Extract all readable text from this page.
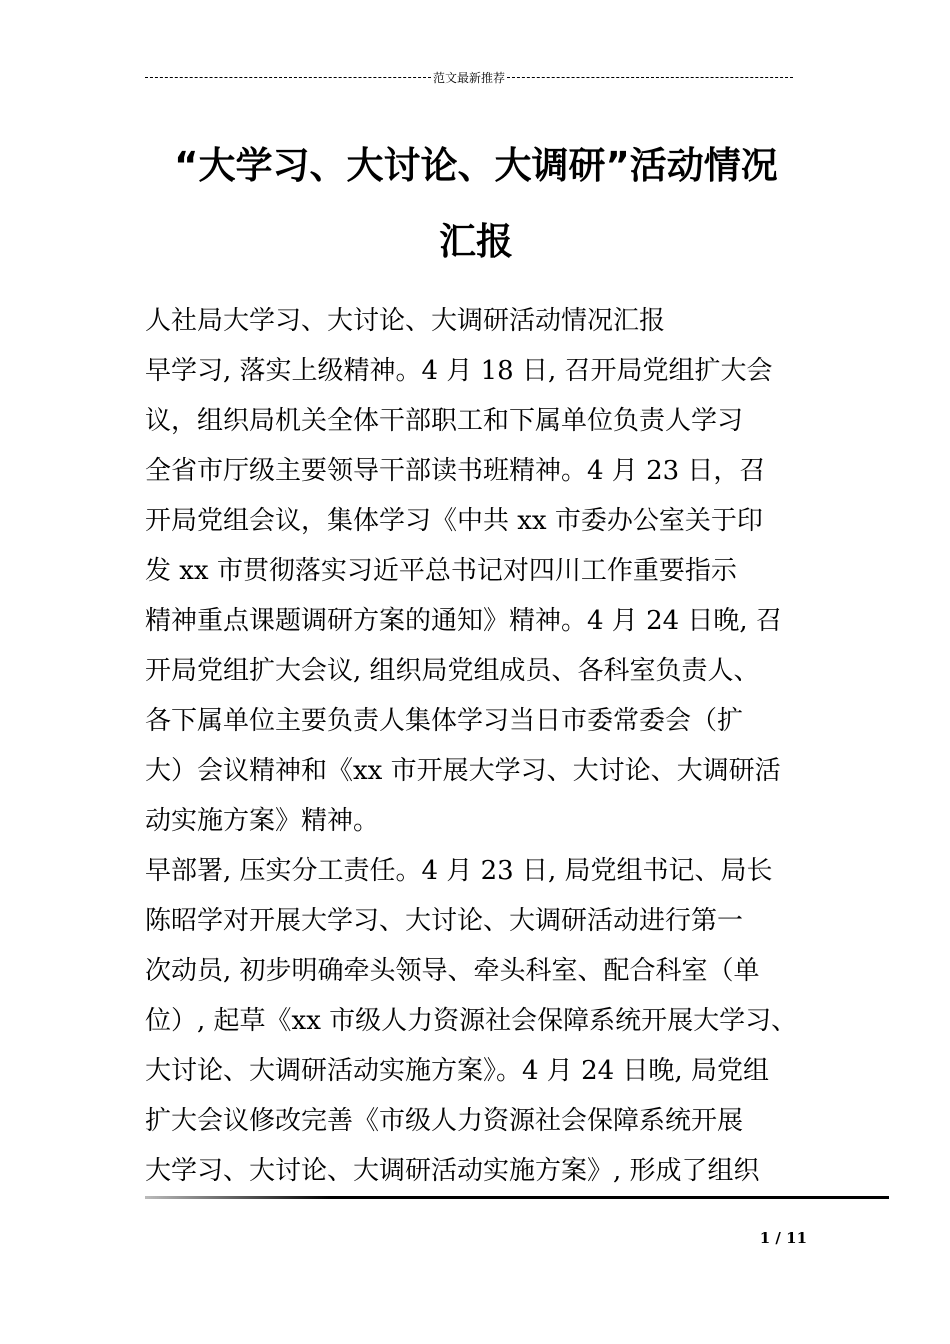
范文最新推荐
“大学习、大讨论、大调研”活动情况
汇报

人社局大学习、大讨论、大调研活动情况汇报

早学习, 落实上级精神。4 月 18 日, 召开局党组扩大会

议，组织局机关全体干部职工和下属单位负责人学习

全省市厅级主要领导干部读书班精神。4 月 23 日，召

开局党组会议，集体学习《中共 xx 市委办公室关于印

发 xx 市贯彻落实习近平总书记对四川工作重要指示

精神重点课题调研方案的通知》精神。4 月 24 日晚, 召

开局党组扩大会议, 组织局党组成员、各科室负责人、

各下属单位主要负责人集体学习当日市委常委会（扩

大）会议精神和《xx 市开展大学习、大讨论、大调研活

动实施方案》精神。

早部署, 压实分工责任。4 月 23 日, 局党组书记、局长

陈昭学对开展大学习、大讨论、大调研活动进行第一

次动员, 初步明确牵头领导、牵头科室、配合科室（单

位）, 起草《xx 市级人力资源社会保障系统开展大学习、

大讨论、大调研活动实施方案》。4 月 24 日晚, 局党组

扩大会议修改完善《市级人力资源社会保障系统开展

大学习、大讨论、大调研活动实施方案》, 形成了组织

1 / 11
